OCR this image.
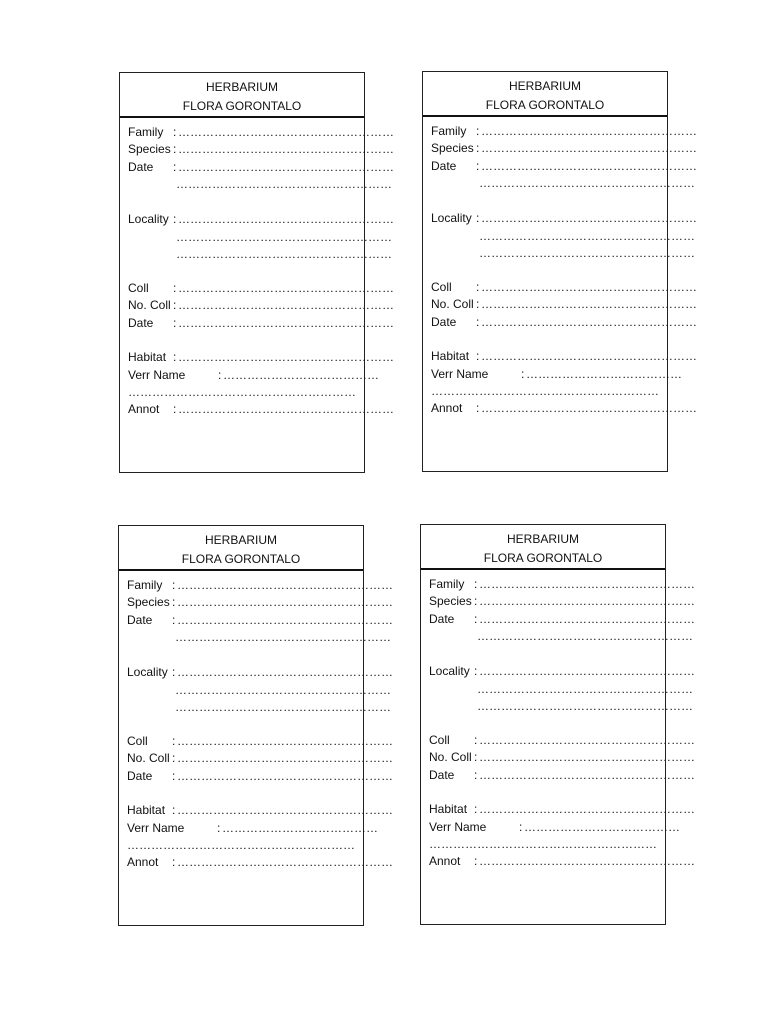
HERBARIUM
FLORA GORONTALO
Family : ………………………………………………
Species : ………………………………………………
Date : ………………………………………………
………………………………………………
Locality : ………………………………………………
………………………………………………
………………………………………………
Coll : ………………………………………………
No. Coll : ………………………………………………
Date : ………………………………………………
Habitat : ………………………………………………
Verr Name	: …………………………………
…………………………………………………
Annot : ………………………………………………
HERBARIUM
FLORA GORONTALO
Family : ………………………………………………
Species : ………………………………………………
Date : ………………………………………………
………………………………………………
Locality : ………………………………………………
………………………………………………
………………………………………………
Coll : ………………………………………………
No. Coll : ………………………………………………
Date : ………………………………………………
Habitat : ………………………………………………
Verr Name	: …………………………………
…………………………………………………
Annot : ………………………………………………
HERBARIUM
FLORA GORONTALO
Family : ………………………………………………
Species : ………………………………………………
Date : ………………………………………………
………………………………………………
Locality : ………………………………………………
………………………………………………
………………………………………………
Coll : ………………………………………………
No. Coll : ………………………………………………
Date : ………………………………………………
Habitat : ………………………………………………
Verr Name	: …………………………………
…………………………………………………
Annot : ………………………………………………
HERBARIUM
FLORA GORONTALO
Family : ………………………………………………
Species : ………………………………………………
Date : ………………………………………………
………………………………………………
Locality : ………………………………………………
………………………………………………
………………………………………………
Coll : ………………………………………………
No. Coll : ………………………………………………
Date : ………………………………………………
Habitat : ………………………………………………
Verr Name	: …………………………………
…………………………………………………
Annot : ………………………………………………
